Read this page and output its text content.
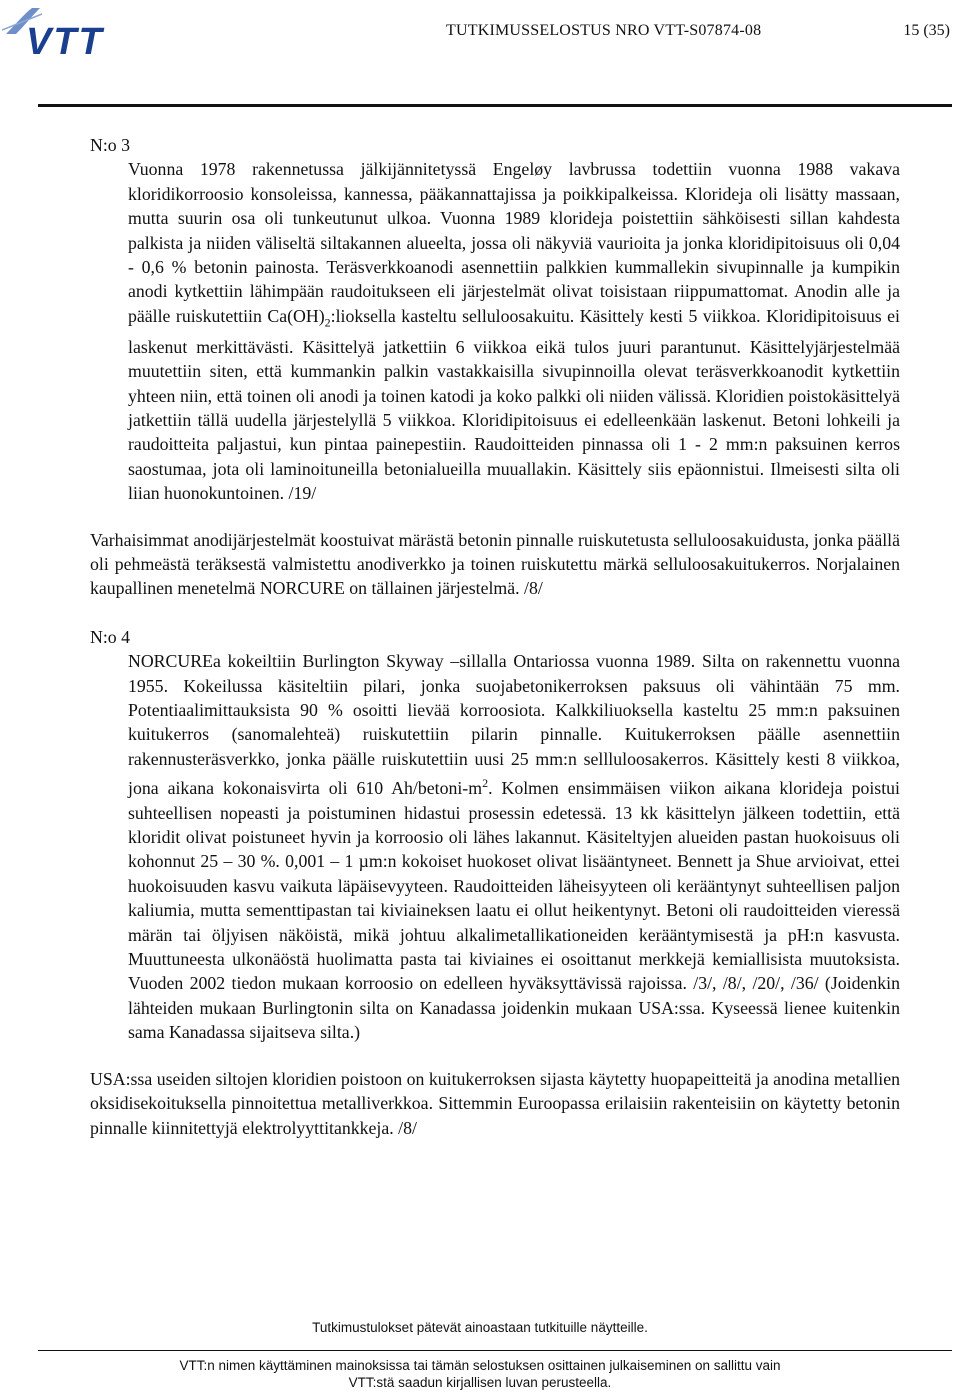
VTT	TUTKIMUSSELOSTUS NRO VTT-S07874-08	15 (35)
N:o 3

Vuonna 1978 rakennetussa jälkijännitetyssä Engeløy lavbrussa todettiin vuonna 1988 vakava kloridikorroosio konsoleissa, kannessa, pääkannattajissa ja poikkipalkeissa. Klorideja oli lisätty massaan, mutta suurin osa oli tunkeutunut ulkoa. Vuonna 1989 klorideja poistettiin sähköisesti sillan kahdesta palkista ja niiden väliseltä siltakannen alueelta, jossa oli näkyviä vaurioita ja jonka kloridipitoisuus oli 0,04 - 0,6 % betonin painosta. Teräsverkkoanodi asennettiin palkkien kummallekin sivupinnalle ja kumpikin anodi kytkettiin lähimpään raudoitukseen eli järjestelmät olivat toisistaan riippumattomat. Anodin alle ja päälle ruiskutettiin $Ca(OH)_2:lioksella$ kasteltu selluloosakuitu. Käsittely kesti 5 viikkoa. Kloridipitoisuus ei laskenut merkittävästi. Käsittelyä jatkettiin 6 viikkoa eikä tulos juuri parantunut. Käsittelyjärjestelmää muutettiin siten, että kummankin palkin vastakkaisilla sivupinnoilla olevat teräsverkkoanodit kytkettiin yhteen niin, että toinen oli anodi ja toinen katodi ja koko palkki oli niiden välissä. Kloridien poistokäsittelyä jatkettiin tällä uudella järjestelyllä 5 viikkoa. Kloridipitoisuus ei edelleenkään laskenut. Betoni lohkeili ja raudoitteita paljastui, kun pintaa painepestiin. Raudoitteiden pinnassa oli 1 - 2 mm:n paksuinen kerros saostumaa, jota oli laminoituneilla betonialueilla muuallakin. Käsittely siis epäonnistui. Ilmeisesti silta oli liian huonokuntoinen. /19/

Varhaisimmat anodijärjestelmät koostuivat märästä betonin pinnalle ruiskutetusta selluloosakuidusta, jonka päällä oli pehmeästä teräksestä valmistettu anodiverkko ja toinen ruiskutettu märkä selluloosakuitukerros. Norjalainen kaupallinen menetelmä NORCURE on tällainen järjestelmä. /8/

N:o 4

NORCUREa kokeiltiin Burlington Skyway –sillalla Ontariossa vuonna 1989. Silta on rakennettu vuonna 1955. Kokeilussa käsiteltiin pilari, jonka suojabetonikerroksen paksuus oli vähintään 75 mm. Potentiaalimittauksista 90 % osoitti lievää korroosiota. Kalkkiliuoksella kasteltu 25 mm:n paksuinen kuitukerros (sanomalehteä) ruiskutettiin pilarin pinnalle. Kuitukerroksen päälle asennettiin rakennusteräsverkko, jonka päälle ruiskutettiin uusi 25 mm:n sellluloosakerros. Käsittely kesti 8 viikkoa, jona aikana kokonaisvirta oli 610 $Ah/betoni-m^2$. Kolmen ensimmäisen viikon aikana klorideja poistui suhteellisen nopeasti ja poistuminen hidastui prosessin edetessä. 13 kk käsittelyn jälkeen todettiin, että kloridit olivat poistuneet hyvin ja korroosio oli lähes lakannut. Käsiteltyjen alueiden pastan huokoisuus oli kohonnut 25 – 30 %. 0,001 – 1 µm:n kokoiset huokoset olivat lisääntyneet. Bennett ja Shue arvioivat, ettei huokoisuuden kasvu vaikuta läpäisevyyteen. Raudoitteiden läheisyyteen oli kerääntynyt suhteellisen paljon kaliumia, mutta sementtipastan tai kiviaineksen laatu ei ollut heikentynyt. Betoni oli raudoitteiden vieressä märän tai öljyisen näköistä, mikä johtuu alkalimetallikationeiden kerääntymisestä ja pH:n kasvusta. Muuttuneesta ulkonäöstä huolimatta pasta tai kiviaines ei osoittanut merkkejä kemiallisista muutoksista. Vuoden 2002 tiedon mukaan korroosio on edelleen hyväksyttävissä rajoissa. /3/, /8/, /20/, /36/ (Joidenkin lähteiden mukaan Burlingtonin silta on Kanadassa joidenkin mukaan USA:ssa. Kyseessä lienee kuitenkin sama Kanadassa sijaitseva silta.)

USA:ssa useiden siltojen kloridien poistoon on kuitukerroksen sijasta käytetty huopapeitteitä ja anodina metallien oksidisekoituksella pinnoitettua metalliverkkoa. Sittemmin Euroopassa erilaisiin rakenteisiin on käytetty betonin pinnalle kiinnitettyjä elektrolyyttitankkeja. /8/

Tutkimustulokset pätevät ainoastaan tutkituille näytteille.
VTT:n nimen käyttäminen mainoksissa tai tämän selostuksen osittainen julkaiseminen on sallittu vain
VTT:stä saadun kirjallisen luvan perusteella.
